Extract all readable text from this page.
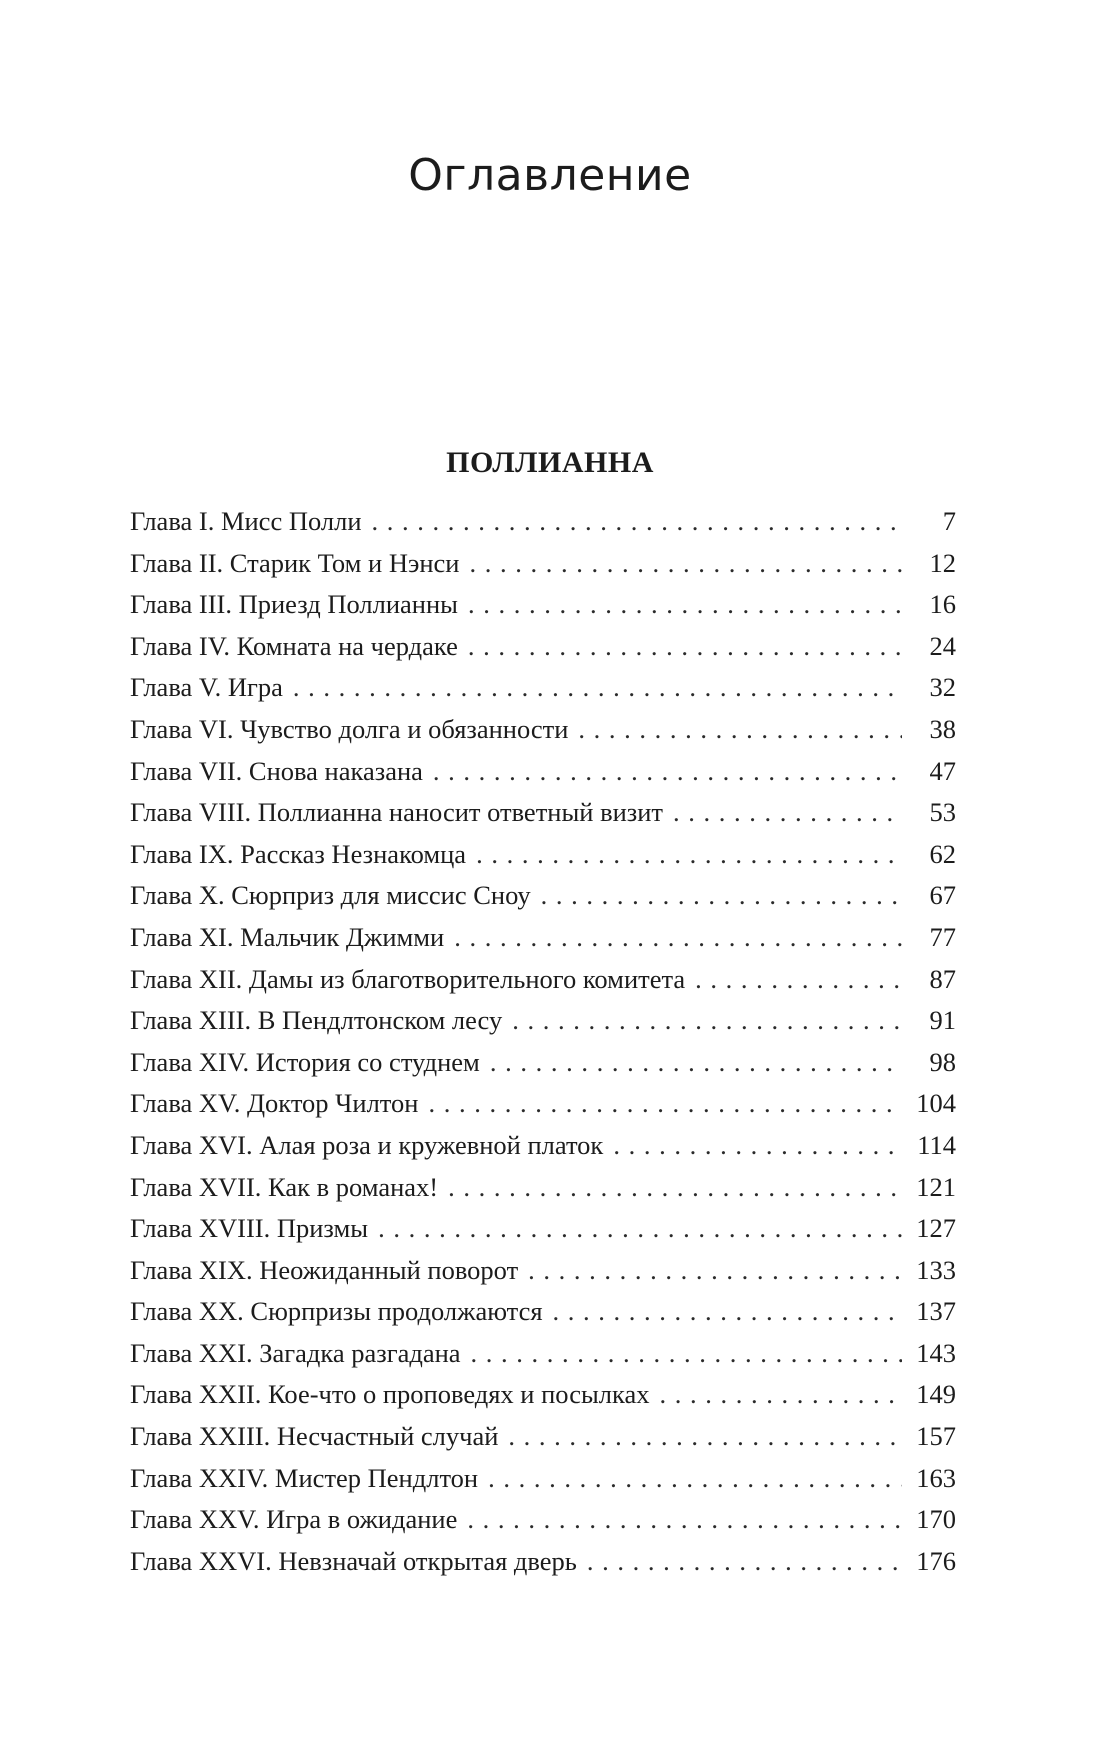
Оглавление
ПОЛЛИАННА
Глава I. Мисс Полли . . .	7
Глава II. Старик Том и Нэнси . . .	12
Глава III. Приезд Поллианны . . .	16
Глава IV. Комната на чердаке . . .	24
Глава V. Игра . . .	32
Глава VI. Чувство долга и обязанности . . .	38
Глава VII. Снова наказана . . .	47
Глава VIII. Поллианна наносит ответный визит . . .	53
Глава IX. Рассказ Незнакомца . . .	62
Глава X. Сюрприз для миссис Сноу . . .	67
Глава XI. Мальчик Джимми . . .	77
Глава XII. Дамы из благотворительного комитета . . .	87
Глава XIII. В Пендлтонском лесу . . .	91
Глава XIV. История со студнем . . .	98
Глава XV. Доктор Чилтон . . .	104
Глава XVI. Алая роза и кружевной платок . . .	114
Глава XVII. Как в романах! . . .	121
Глава XVIII. Призмы . . .	127
Глава XIX. Неожиданный поворот . . .	133
Глава XX. Сюрпризы продолжаются . . .	137
Глава XXI. Загадка разгадана . . .	143
Глава XXII. Кое-что о проповедях и посылках . . .	149
Глава XXIII. Несчастный случай . . .	157
Глава XXIV. Мистер Пендлтон . . .	163
Глава XXV. Игра в ожидание . . .	170
Глава XXVI. Невзначай открытая дверь . . .	176
